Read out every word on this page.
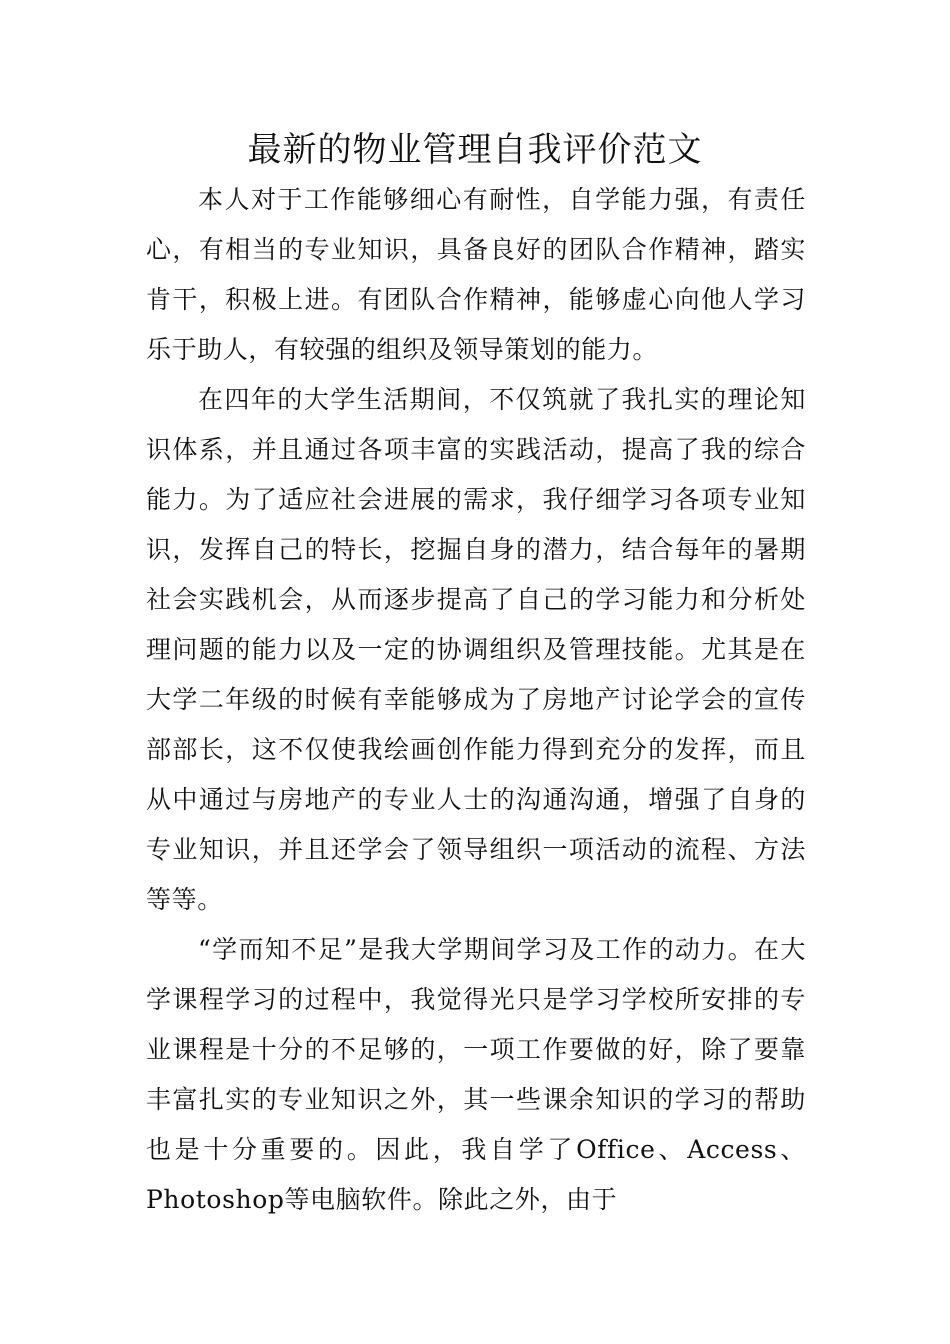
最新的物业管理自我评价范文

本人对于工作能够细心有耐性，自学能力强，有责任心，有相当的专业知识，具备良好的团队合作精神，踏实肯干，积极上进。有团队合作精神，能够虚心向他人学习乐于助人，有较强的组织及领导策划的能力。

在四年的大学生活期间，不仅筑就了我扎实的理论知识体系，并且通过各项丰富的实践活动，提高了我的综合能力。为了适应社会进展的需求，我仔细学习各项专业知识，发挥自己的特长，挖掘自身的潜力，结合每年的暑期社会实践机会，从而逐步提高了自己的学习能力和分析处理问题的能力以及一定的协调组织及管理技能。尤其是在大学二年级的时候有幸能够成为了房地产讨论学会的宣传部部长，这不仅使我绘画创作能力得到充分的发挥，而且从中通过与房地产的专业人士的沟通沟通，增强了自身的专业知识，并且还学会了领导组织一项活动的流程、方法等等。

“学而知不足”是我大学期间学习及工作的动力。在大学课程学习的过程中，我觉得光只是学习学校所安排的专业课程是十分的不足够的，一项工作要做的好，除了要靠丰富扎实的专业知识之外，其一些课余知识的学习的帮助也是十分重要的。因此，我自学了Office、Access、Photoshop等电脑软件。除此之外，由于
